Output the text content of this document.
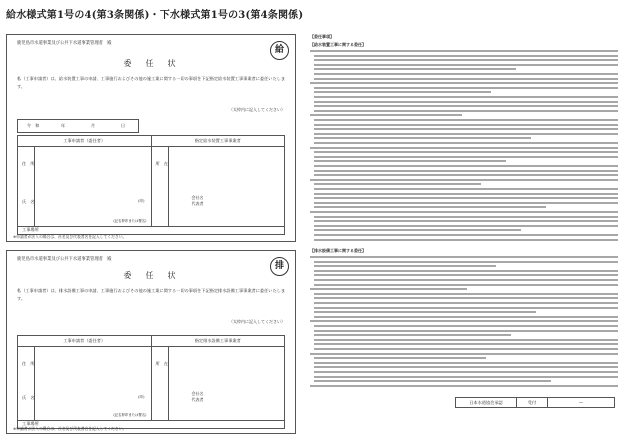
給水様式第1号の4(第3条関係)・下水様式第1号の3(第4条関係)
鹿児島市水道事業及び公共下水道事業管理者　殿
給
委　任　状
私（工事申請者）は、給水装置工事の申請、工事施行およびその他の施工業に関する一切の事項を下記指定給水装置工事事業者に委任いたします。
（太枠内に記入してください）
令　和	年	月	日
工事申請者（委任者）	指定給水装置工事事業者
住　所
氏　名	(印)
(記名押印または署名)
所　在
会社名
代表者
工事場所
※申請者が法人の場合は、社名及び代表者名を記入してください。
鹿児島市水道事業及び公共下水道事業管理者　殿
排
委　任　状
私（工事申請者）は、排水設備工事の申請、工事施行およびその他の施工業に関する一切の事項を下記指定排水設備工事事業者に委任いたします。
（太枠内に記入してください）
工事申請者（委任者）	指定排水設備工事事業者
住　所
氏　名	(印)
(記名押印または署名)
所　在
会社名
代表者
工事場所
※申請者が法人の場合は、社名及び代表者名を記入してください。
【委任事項】
【給水装置工事に関する委任】
【排水設備工事に関する委任】
日本水道協会承認	受付	―
